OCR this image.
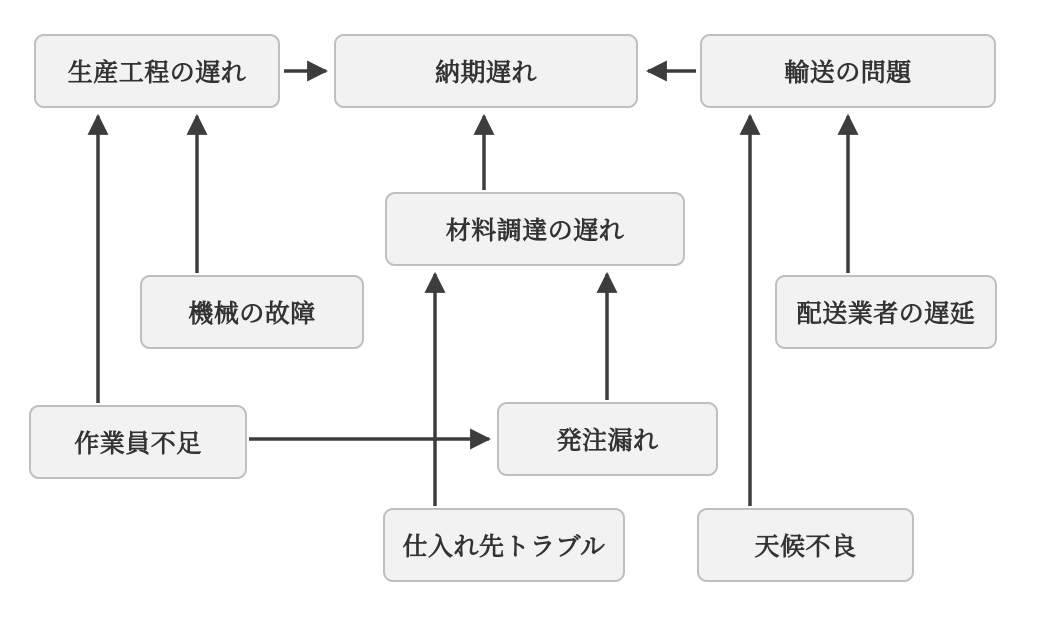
生産工程の遅れ	納期遅れ	輸送の問題
材料調達の遅れ
機械の故障	配送業者の遅延
作業員不足	発注漏れ
仕入れ先トラブル	天候不良
